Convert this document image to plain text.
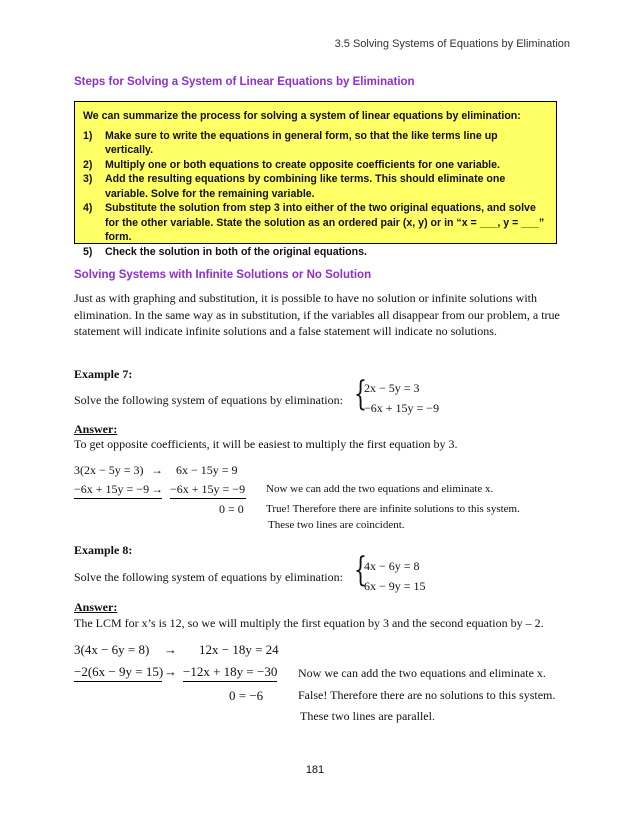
3.5 Solving Systems of Equations by Elimination
Steps for Solving a System of Linear Equations by Elimination
We can summarize the process for solving a system of linear equations by elimination:
1) Make sure to write the equations in general form, so that the like terms line up vertically.
2) Multiply one or both equations to create opposite coefficients for one variable.
3) Add the resulting equations by combining like terms. This should eliminate one variable. Solve for the remaining variable.
4) Substitute the solution from step 3 into either of the two original equations, and solve for the other variable. State the solution as an ordered pair (x, y) or in “x = ___, y = ___” form.
5) Check the solution in both of the original equations.
Solving Systems with Infinite Solutions or No Solution
Just as with graphing and substitution, it is possible to have no solution or infinite solutions with elimination. In the same way as in substitution, if the variables all disappear from our problem, a true statement will indicate infinite solutions and a false statement will indicate no solutions.
Example 7:
Solve the following system of equations by elimination: {
2x − 5y = 3
−6x + 15y = −9
Answer:
To get opposite coefficients, it will be easiest to multiply the first equation by 3.
3(2x − 5y = 3) → 6x − 15y = 9
−6x + 15y = −9 → −6x + 15y = −9 Now we can add the two equations and eliminate x.
0 = 0 True! Therefore there are infinite solutions to this system.
These two lines are coincident.
Example 8:
Solve the following system of equations by elimination: {
4x − 6y = 8
6x − 9y = 15
Answer:
The LCM for x’s is 12, so we will multiply the first equation by 3 and the second equation by – 2.
3(4x − 6y = 8) → 12x − 18y = 24
−2(6x − 9y = 15) → −12x + 18y = −30 Now we can add the two equations and eliminate x.
0 = −6	False! Therefore there are no solutions to this system.
These two lines are parallel.
181
